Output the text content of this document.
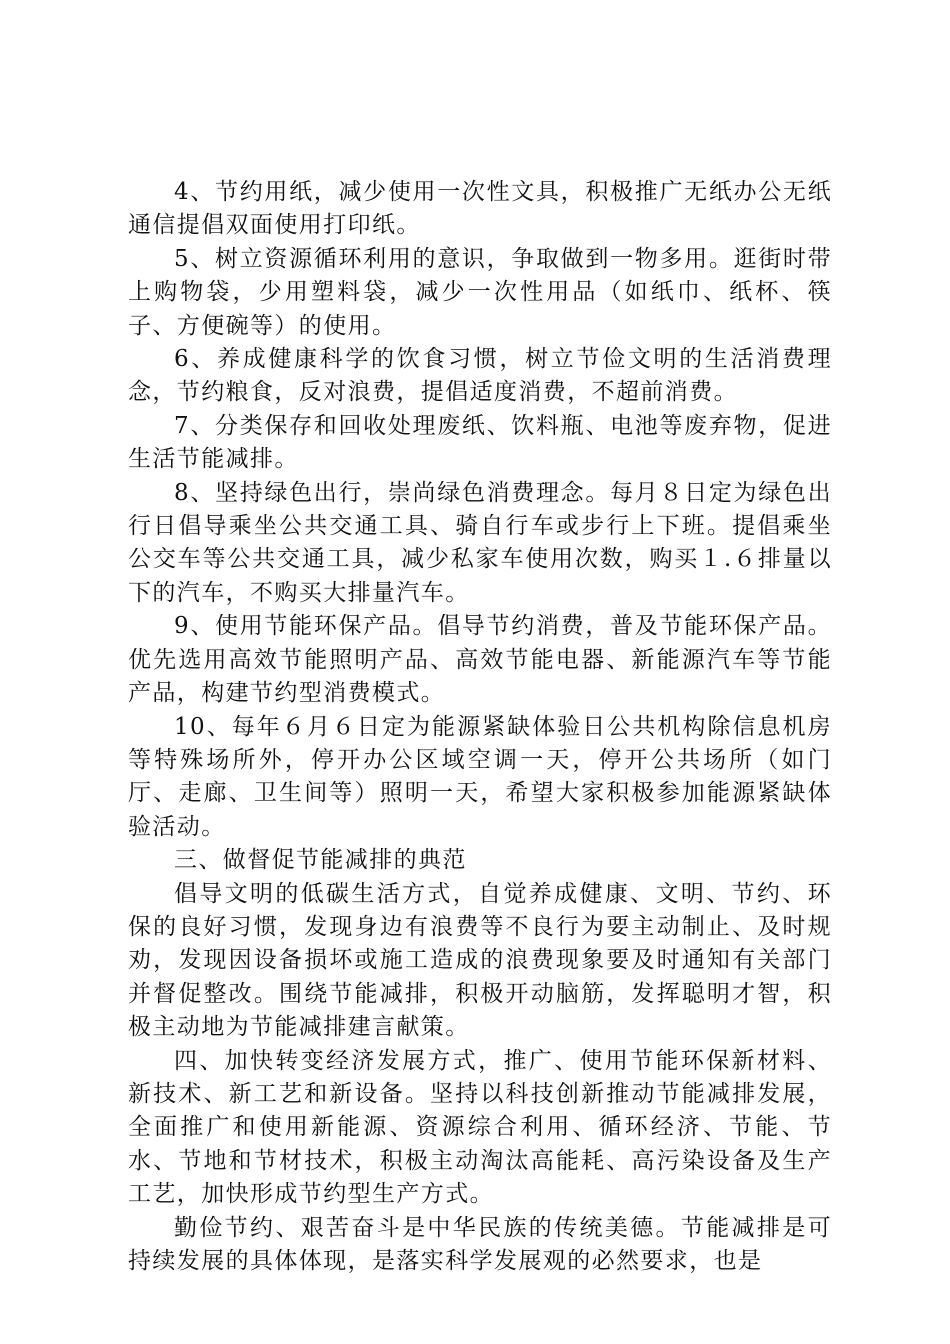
4、节约用纸，减少使用一次性文具，积极推广无纸办公无纸通信提倡双面使用打印纸。

5、树立资源循环利用的意识，争取做到一物多用。逛街时带上购物袋，少用塑料袋，减少一次性用品（如纸巾、纸杯、筷子、方便碗等）的使用。

6、养成健康科学的饮食习惯，树立节俭文明的生活消费理念，节约粮食，反对浪费，提倡适度消费，不超前消费。

7、分类保存和回收处理废纸、饮料瓶、电池等废弃物，促进生活节能减排。

8、坚持绿色出行，崇尚绿色消费理念。每月８日定为绿色出行日倡导乘坐公共交通工具、骑自行车或步行上下班。提倡乘坐公交车等公共交通工具，减少私家车使用次数，购买１.６排量以下的汽车，不购买大排量汽车。

9、使用节能环保产品。倡导节约消费，普及节能环保产品。优先选用高效节能照明产品、高效节能电器、新能源汽车等节能产品，构建节约型消费模式。

10、每年６月６日定为能源紧缺体验日公共机构除信息机房等特殊场所外，停开办公区域空调一天，停开公共场所（如门厅、走廊、卫生间等）照明一天，希望大家积极参加能源紧缺体验活动。

三、做督促节能减排的典范

倡导文明的低碳生活方式，自觉养成健康、文明、节约、环保的良好习惯，发现身边有浪费等不良行为要主动制止、及时规劝，发现因设备损坏或施工造成的浪费现象要及时通知有关部门并督促整改。围绕节能减排，积极开动脑筋，发挥聪明才智，积极主动地为节能减排建言献策。

四、加快转变经济发展方式，推广、使用节能环保新材料、新技术、新工艺和新设备。坚持以科技创新推动节能减排发展，全面推广和使用新能源、资源综合利用、循环经济、节能、节水、节地和节材技术，积极主动淘汰高能耗、高污染设备及生产工艺，加快形成节约型生产方式。

勤俭节约、艰苦奋斗是中华民族的传统美德。节能减排是可持续发展的具体体现，是落实科学发展观的必然要求，也是
